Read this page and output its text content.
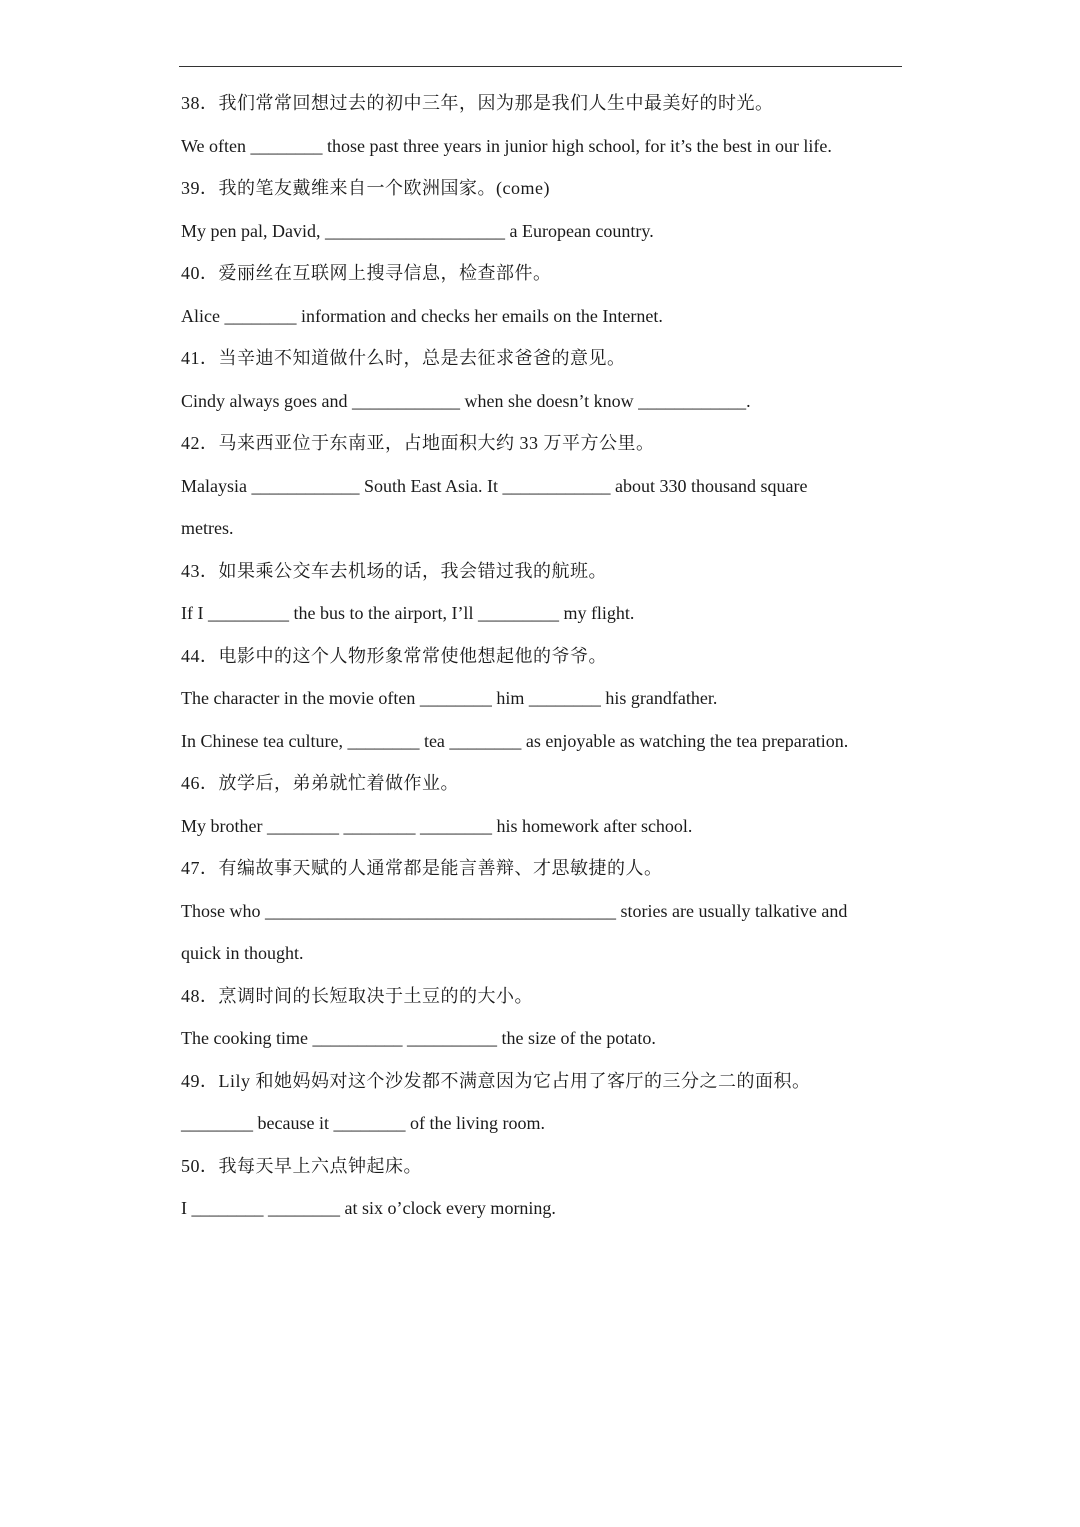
38．我们常常回想过去的初中三年，因为那是我们人生中最美好的时光。
We often ________ those past three years in junior high school, for it’s the best in our life.
39．我的笔友戴维来自一个欧洲国家。(come)
My pen pal, David, ____________________ a European country.
40．爱丽丝在互联网上搜寻信息，检查部件。
Alice ________ information and checks her emails on the Internet.
41．当辛迪不知道做什么时，总是去征求爸爸的意见。
Cindy always goes and ____________ when she doesn’t know ____________.
42．马来西亚位于东南亚，占地面积大约 33 万平方公里。
Malaysia ____________ South East Asia. It ____________ about 330 thousand square
metres.
43．如果乘公交车去机场的话，我会错过我的航班。
If I _________ the bus to the airport, I’ll _________ my flight.
44．电影中的这个人物形象常常使他想起他的爷爷。
The character in the movie often ________ him ________ his grandfather.
In Chinese tea culture, ________ tea ________ as enjoyable as watching the tea preparation.
46．放学后，弟弟就忙着做作业。
My brother ________ ________ ________ his homework after school.
47．有编故事天赋的人通常都是能言善辩、才思敏捷的人。
Those who _______________________________________ stories are usually talkative and
quick in thought.
48．烹调时间的长短取决于土豆的的大小。
The cooking time __________ __________ the size of the potato.
49．Lily 和她妈妈对这个沙发都不满意因为它占用了客厅的三分之二的面积。
________ because it ________ of the living room.
50．我每天早上六点钟起床。
I ________ ________ at six o’clock every morning.
